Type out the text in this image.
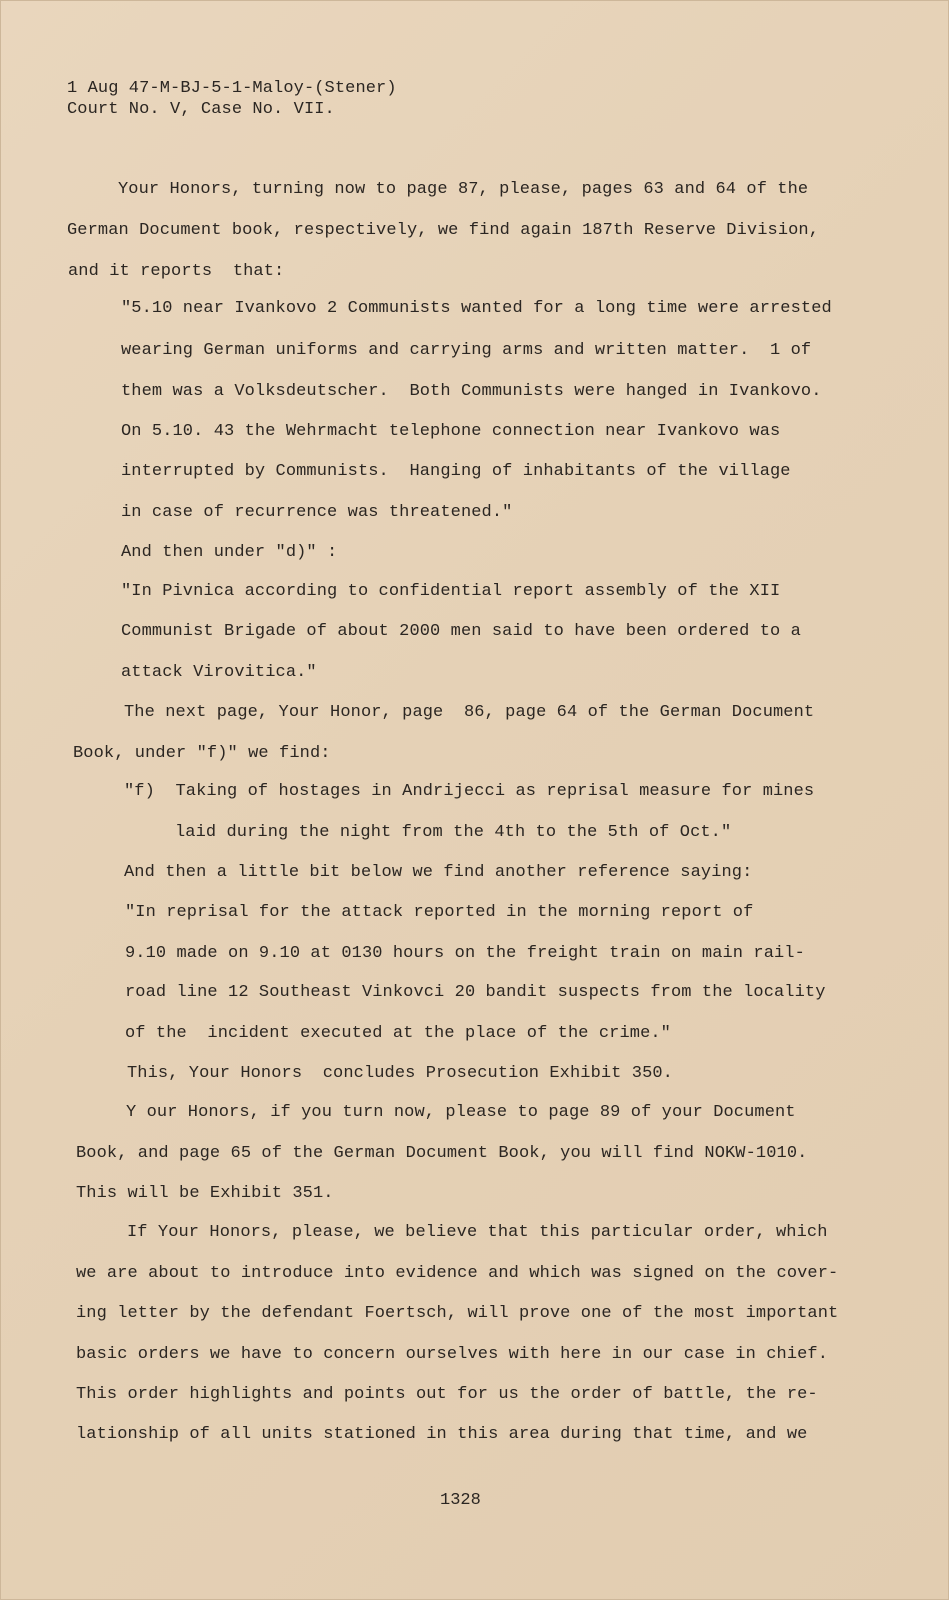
1 Aug 47-M-BJ-5-1-Maloy-(Stener)
Court No. V, Case No. VII.
Your Honors, turning now to page 87, please, pages 63 and 64 of the
German Document book, respectively, we find again 187th Reserve Division,
and it reports  that:
"5.10 near Ivankovo 2 Communists wanted for a long time were arrested
wearing German uniforms and carrying arms and written matter.  1 of
them was a Volksdeutscher.  Both Communists were hanged in Ivankovo.
On 5.10. 43 the Wehrmacht telephone connection near Ivankovo was
interrupted by Communists.  Hanging of inhabitants of the village
in case of recurrence was threatened."
And then under "d)" :
"In Pivnica according to confidential report assembly of the XII
Communist Brigade of about 2000 men said to have been ordered to a
attack Virovitica."
The next page, Your Honor, page  86, page 64 of the German Document
Book, under "f)" we find:
"f)  Taking of hostages in Andrijecci as reprisal measure for mines
laid during the night from the 4th to the 5th of Oct."
And then a little bit below we find another reference saying:
"In reprisal for the attack reported in the morning report of
9.10 made on 9.10 at 0130 hours on the freight train on main rail-
road line 12 Southeast Vinkovci 20 bandit suspects from the locality
of the  incident executed at the place of the crime."
This, Your Honors  concludes Prosecution Exhibit 350.
Y our Honors, if you turn now, please to page 89 of your Document
Book, and page 65 of the German Document Book, you will find NOKW-1010.
This will be Exhibit 351.
If Your Honors, please, we believe that this particular order, which
we are about to introduce into evidence and which was signed on the cover-
ing letter by the defendant Foertsch, will prove one of the most important
basic orders we have to concern ourselves with here in our case in chief.
This order highlights and points out for us the order of battle, the re-
lationship of all units stationed in this area during that time, and we
1328
